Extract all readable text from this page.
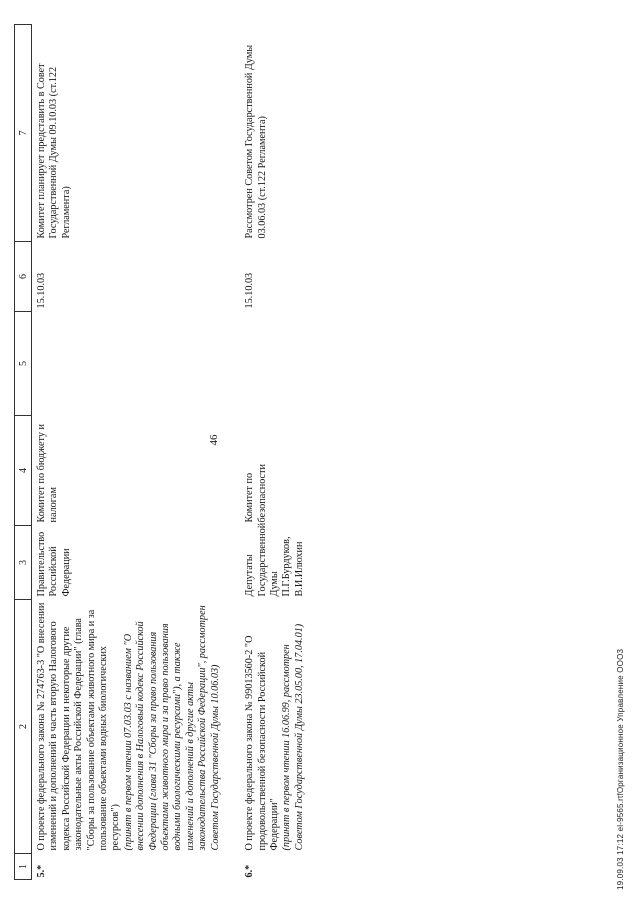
46
1	2	3	4	5	6	7
5.*	О проекте федерального закона № 274763-3 "О внесении изменений и дополнений в часть вторую Налогового кодекса Российской Федерации и некоторые другие законодательные акты Российской Федерации" (глава "Сборы за пользование объектами животного мира и за пользование объектами водных биологических ресурсов") (принят в первом чтении 07.03.03 с названием "О внесении дополнения в Налоговый кодекс Российской Федерации (глава 31 "Сборы за право пользования объектами животного мира и за право пользования водными биологическими ресурсами"), а также изменений и дополнений в другие акты законодательства Российской Федерации", рассмотрен Советом Государственной Думы 10.06.03)	Правительство Российской Федерации	Комитет по бюджету и налогам		15.10.03	Комитет планирует представить в Совет Государственной Думы 09.10.03 (ст.122 Регламента)
6.*	О проекте федерального закона № 99013560-2 "О продовольственной безопасности Российской Федерации" (принят в первом чтении 16.06.99, рассмотрен Советом Государственной Думы 23.05.00, 17.04.01)	Депутаты Государственной Думы П.Г.Бурдуков, В.И.Илюхин	Комитет по безопасности		15.10.03	Рассмотрен Советом Государственной Думы 03.06.03 (ст.122 Регламента)
19.09.03 17:12 el-9565.rtfОрганизационное Управление ООО3
